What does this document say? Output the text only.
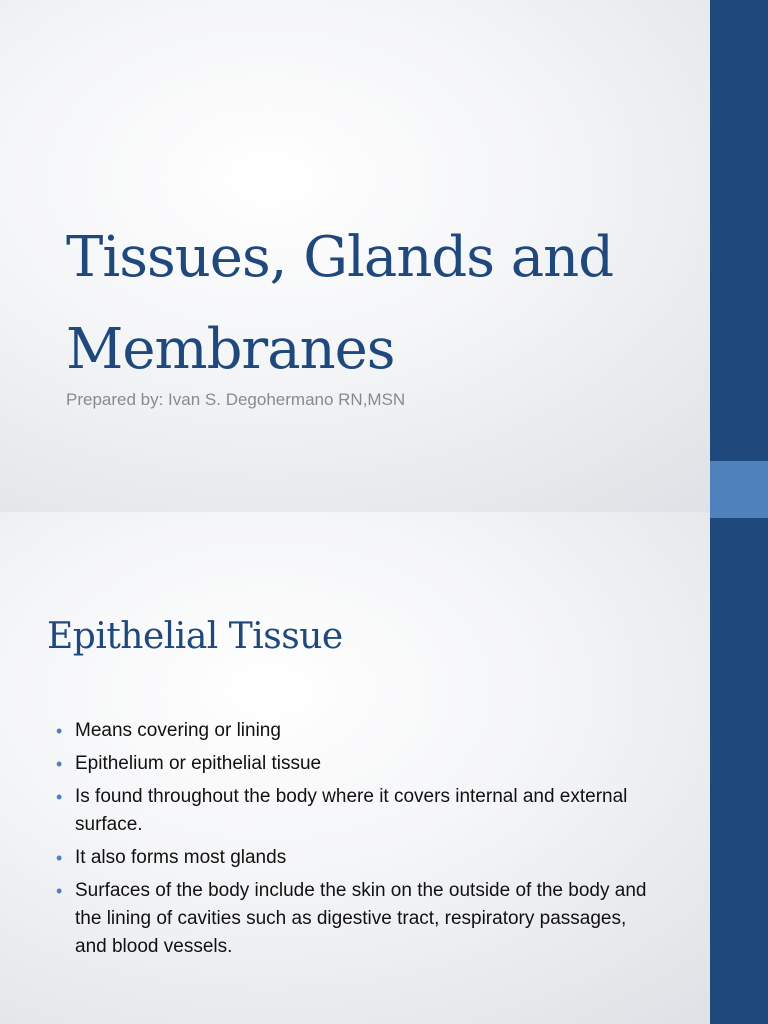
Tissues, Glands and Membranes

Prepared by: Ivan S. Degohermano RN,MSN

Epithelial Tissue
• Means covering or lining
• Epithelium or epithelial tissue
• Is found throughout the body where it covers internal and external surface.
• It also forms most glands
• Surfaces of the body include the skin on the outside of the body and the lining of cavities such as digestive tract, respiratory passages, and blood vessels.
